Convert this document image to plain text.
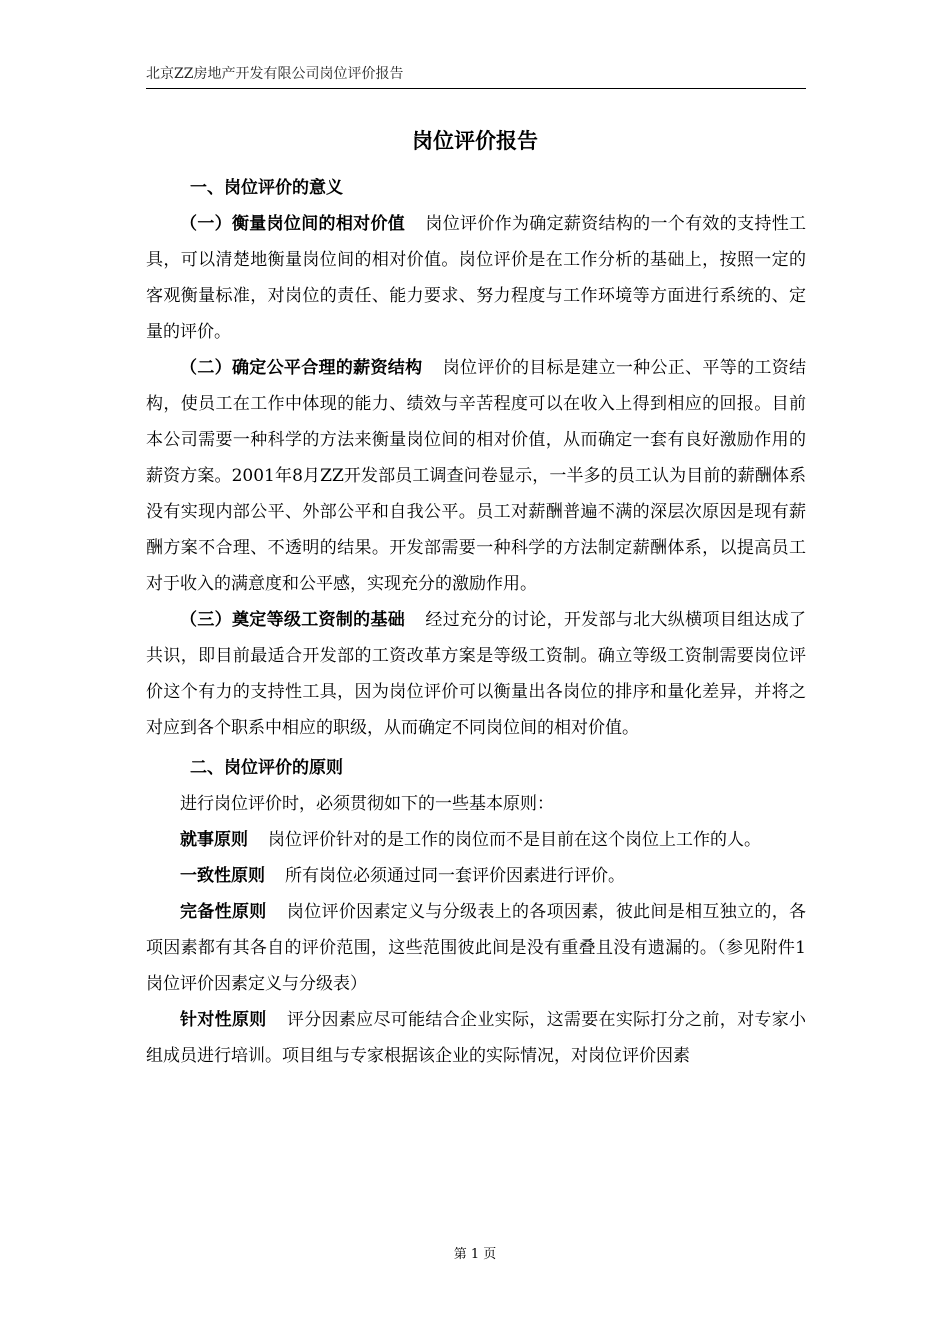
北京ZZ房地产开发有限公司岗位评价报告
岗位评价报告

一、岗位评价的意义

（一）衡量岗位间的相对价值 岗位评价作为确定薪资结构的一个有效的支持性工具，可以清楚地衡量岗位间的相对价值。岗位评价是在工作分析的基础上，按照一定的客观衡量标准，对岗位的责任、能力要求、努力程度与工作环境等方面进行系统的、定量的评价。

（二）确定公平合理的薪资结构 岗位评价的目标是建立一种公正、平等的工资结构，使员工在工作中体现的能力、绩效与辛苦程度可以在收入上得到相应的回报。目前本公司需要一种科学的方法来衡量岗位间的相对价值，从而确定一套有良好激励作用的薪资方案。2001年8月ZZ开发部员工调查问卷显示，一半多的员工认为目前的薪酬体系没有实现内部公平、外部公平和自我公平。员工对薪酬普遍不满的深层次原因是现有薪酬方案不合理、不透明的结果。开发部需要一种科学的方法制定薪酬体系，以提高员工对于收入的满意度和公平感，实现充分的激励作用。

（三）奠定等级工资制的基础 经过充分的讨论，开发部与北大纵横项目组达成了共识，即目前最适合开发部的工资改革方案是等级工资制。确立等级工资制需要岗位评价这个有力的支持性工具，因为岗位评价可以衡量出各岗位的排序和量化差异，并将之对应到各个职系中相应的职级，从而确定不同岗位间的相对价值。

二、岗位评价的原则

进行岗位评价时，必须贯彻如下的一些基本原则：

就事原则 岗位评价针对的是工作的岗位而不是目前在这个岗位上工作的人。

一致性原则 所有岗位必须通过同一套评价因素进行评价。

完备性原则 岗位评价因素定义与分级表上的各项因素，彼此间是相互独立的，各项因素都有其各自的评价范围，这些范围彼此间是没有重叠且没有遗漏的。（参见附件1　岗位评价因素定义与分级表）

针对性原则 评分因素应尽可能结合企业实际，这需要在实际打分之前，对专家小组成员进行培训。项目组与专家根据该企业的实际情况，对岗位评价因素

第 1 页
